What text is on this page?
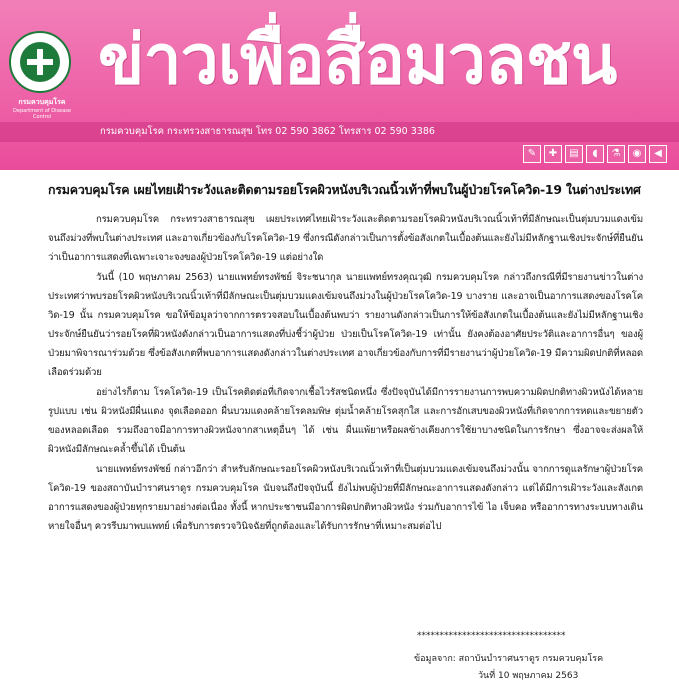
กรมควบคุมโรค
Department of Disease Control
ข่าวเพื่อสื่อมวลชน
กรมควบคุมโรค กระทรวงสาธารณสุข โทร 02 590 3862 โทรสาร 02 590 3386
✎	✚	▤	◖	⚗	◉	◀
กรมควบคุมโรค เผยไทยเฝ้าระวังและติดตามรอยโรคผิวหนังบริเวณนิ้วเท้าที่พบในผู้ป่วยโรคโควิด-19 ในต่างประเทศ

กรมควบคุมโรค กระทรวงสาธารณสุข เผยประเทศไทยเฝ้าระวังและติดตามรอยโรคผิวหนังบริเวณนิ้วเท้าที่มีลักษณะเป็นตุ่มบวมแดงเข้มจนถึงม่วงที่พบในต่างประเทศ และอาจเกี่ยวข้องกับโรคโควิด-19 ซึ่งกรณีดังกล่าวเป็นการตั้งข้อสังเกตในเบื้องต้นและยังไม่มีหลักฐานเชิงประจักษ์ที่ยืนยันว่าเป็นอาการแสดงที่เฉพาะเจาะจงของผู้ป่วยโรคโควิด-19 แต่อย่างใด

วันนี้ (10 พฤษภาคม 2563) นายแพทย์ทรงพัชย์ จิระชนากุล นายแพทย์ทรงคุณวุฒิ กรมควบคุมโรค กล่าวถึงกรณีที่มีรายงานข่าวในต่างประเทศว่าพบรอยโรคผิวหนังบริเวณนิ้วเท้าที่มีลักษณะเป็นตุ่มบวมแดงเข้มจนถึงม่วงในผู้ป่วยโรคโควิด-19 บางราย และอาจเป็นอาการแสดงของโรคโควิด-19 นั้น กรมควบคุมโรค ขอให้ข้อมูลว่าจากการตรวจสอบในเบื้องต้นพบว่า รายงานดังกล่าวเป็นการให้ข้อสังเกตในเบื้องต้นและยังไม่มีหลักฐานเชิงประจักษ์ยืนยันว่ารอยโรคที่ผิวหนังดังกล่าวเป็นอาการแสดงที่บ่งชี้ว่าผู้ป่วย ป่วยเป็นโรคโควิด-19 เท่านั้น ยังคงต้องอาศัยประวัติและอาการอื่นๆ ของผู้ป่วยมาพิจารณาร่วมด้วย ซึ่งข้อสังเกตที่พบอาการแสดงดังกล่าวในต่างประเทศ อาจเกี่ยวข้องกับการที่มีรายงานว่าผู้ป่วยโควิด-19 มีความผิดปกติที่หลอดเลือดร่วมด้วย

อย่างไรก็ตาม โรคโควิด-19 เป็นโรคติดต่อที่เกิดจากเชื้อไวรัสชนิดหนึ่ง ซึ่งปัจจุบันได้มีการรายงานการพบความผิดปกติทางผิวหนังได้หลายรูปแบบ เช่น ผิวหนังมีผื่นแดง จุดเลือดออก ผื่นบวมแดงคล้ายโรคลมพิษ ตุ่มน้ำคล้ายโรคสุกใส และการอักเสบของผิวหนังที่เกิดจากการหดและขยายตัวของหลอดเลือด รวมถึงอาจมีอาการทางผิวหนังจากสาเหตุอื่นๆ ได้ เช่น ผื่นแพ้ยาหรือผลข้างเคียงการใช้ยาบางชนิดในการรักษา ซึ่งอาจจะส่งผลให้ผิวหนังมีลักษณะคล้ำขึ้นได้ เป็นต้น

นายแพทย์ทรงพัชย์ กล่าวอีกว่า สำหรับลักษณะรอยโรคผิวหนังบริเวณนิ้วเท้าที่เป็นตุ่มบวมแดงเข้มจนถึงม่วงนั้น จากการดูแลรักษาผู้ป่วยโรคโควิด-19 ของสถาบันบำราศนราดูร กรมควบคุมโรค นับจนถึงปัจจุบันนี้ ยังไม่พบผู้ป่วยที่มีลักษณะอาการแสดงดังกล่าว แต่ได้มีการเฝ้าระวังและสังเกตอาการแสดงของผู้ป่วยทุกรายมาอย่างต่อเนื่อง ทั้งนี้ หากประชาชนมีอาการผิดปกติทางผิวหนัง ร่วมกับอาการไข้ ไอ เจ็บคอ หรืออาการทางระบบทางเดินหายใจอื่นๆ ควรรีบมาพบแพทย์ เพื่อรับการตรวจวินิจฉัยที่ถูกต้องและได้รับการรักษาที่เหมาะสมต่อไป

*********************************
ข้อมูลจาก: สถาบันบำราศนราดูร กรมควบคุมโรค
วันที่ 10 พฤษภาคม 2563
